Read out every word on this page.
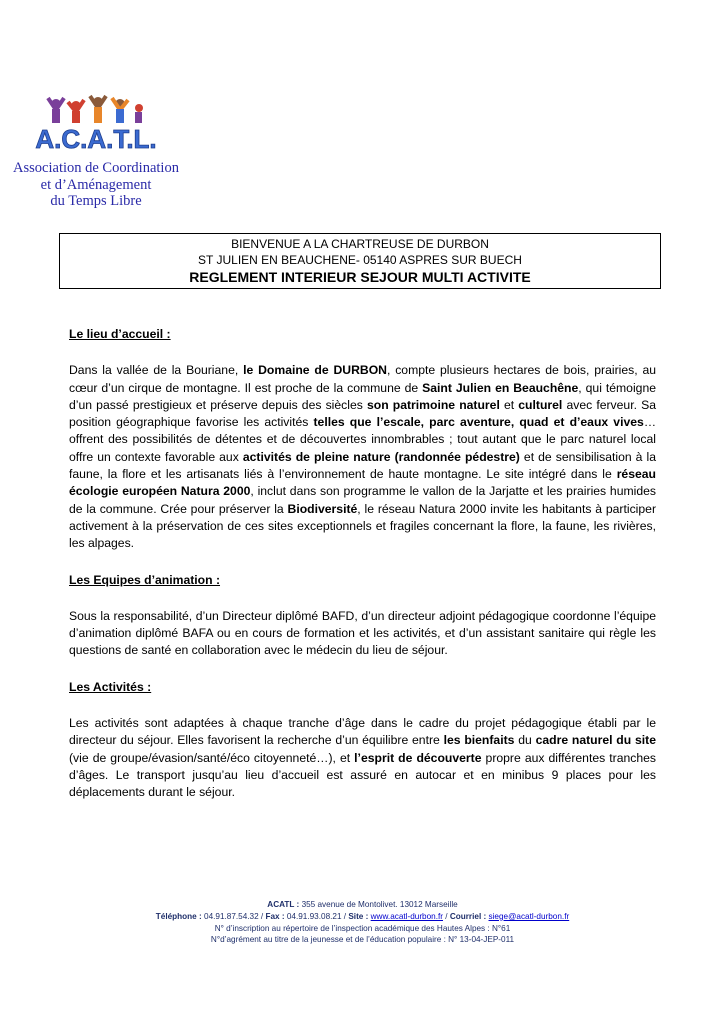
A.C.A.T.L.
Association de Coordination
et d’Aménagement
du Temps Libre
BIENVENUE A LA CHARTREUSE DE DURBON
ST JULIEN EN BEAUCHENE- 05140 ASPRES SUR BUECH
REGLEMENT INTERIEUR SEJOUR MULTI ACTIVITE

Le lieu d’accueil :

Dans la vallée de la Bouriane, le Domaine de DURBON, compte plusieurs hectares de bois, prairies, au cœur d’un cirque de montagne. Il est proche de la commune de Saint Julien en Beauchêne, qui témoigne d’un passé prestigieux et préserve depuis des siècles son patrimoine naturel et culturel avec ferveur. Sa position géographique favorise les activités telles que l’escale, parc aventure, quad et d’eaux vives… offrent des possibilités de détentes et de découvertes innombrables ; tout autant que le parc naturel local offre un contexte favorable aux activités de pleine nature (randonnée pédestre) et de sensibilisation à la faune, la flore et les artisanats liés à l’environnement de haute montagne. Le site intégré dans le réseau écologie européen Natura 2000, inclut dans son programme le vallon de la Jarjatte et les prairies humides de la commune. Crée pour préserver la Biodiversité, le réseau Natura 2000 invite les habitants à participer activement à la préservation de ces sites exceptionnels et fragiles concernant la flore, la faune, les rivières, les alpages.

Les Equipes d’animation :

Sous la responsabilité, d’un Directeur diplômé BAFD, d’un directeur adjoint pédagogique coordonne l’équipe d’animation diplômé BAFA ou en cours de formation et les activités, et d’un assistant sanitaire qui règle les questions de santé en collaboration avec le médecin du lieu de séjour.

Les Activités :

Les activités sont adaptées à chaque tranche d’âge dans le cadre du projet pédagogique établi par le directeur du séjour. Elles favorisent la recherche d’un équilibre entre les bienfaits du cadre naturel du site (vie de groupe/évasion/santé/éco citoyenneté…), et l’esprit de découverte propre aux différentes tranches d’âges. Le transport jusqu’au lieu d’accueil est assuré en autocar et en minibus 9 places pour les déplacements durant le séjour.

ACATL : 355 avenue de Montolivet. 13012 Marseille
Téléphone : 04.91.87.54.32 / Fax : 04.91.93.08.21 / Site : www.acatl-durbon.fr / Courriel : siege@acatl-durbon.fr
N° d’inscription au répertoire de l’inspection académique des Hautes Alpes : N°61
N°d’agrément au titre de la jeunesse et de l’éducation populaire : N° 13-04-JEP-011
